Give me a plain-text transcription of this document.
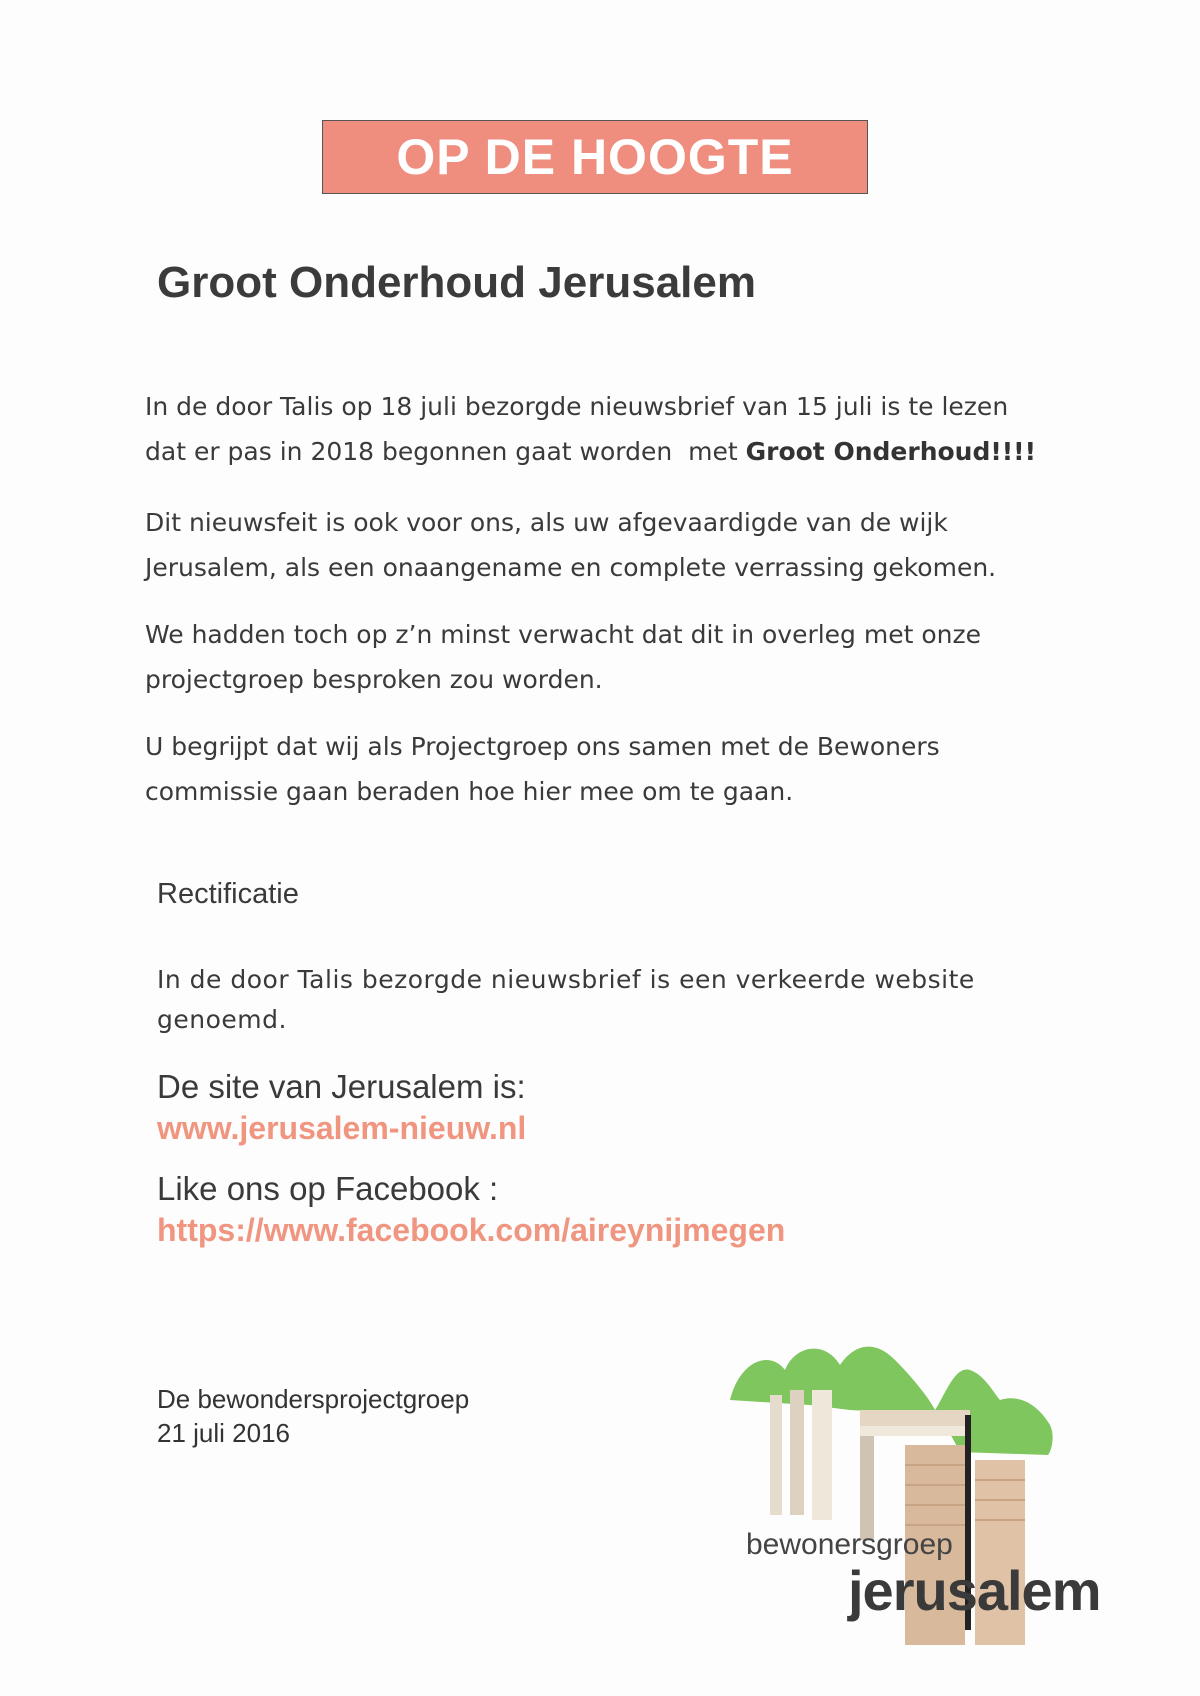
OP DE HOOGTE
Groot Onderhoud Jerusalem

In de door Talis op 18 juli bezorgde nieuwsbrief van 15 juli is te lezen
dat er pas in 2018 begonnen gaat worden  met Groot Onderhoud!!!!

Dit nieuwsfeit is ook voor ons, als uw afgevaardigde van de wijk Jerusalem, als een onaangename en complete verrassing gekomen.

We hadden toch op z’n minst verwacht dat dit in overleg met onze projectgroep besproken zou worden.

U begrijpt dat wij als Projectgroep ons samen met de Bewoners commissie gaan beraden hoe hier mee om te gaan.

Rectificatie
In de door Talis bezorgde nieuwsbrief is een verkeerde website genoemd.
De site van Jerusalem is:
www.jerusalem-nieuw.nl
Like ons op Facebook :
https://www.facebook.com/aireynijmegen
De bewondersprojectgroep
21 juli 2016
bewonersgroep
jerusalem
